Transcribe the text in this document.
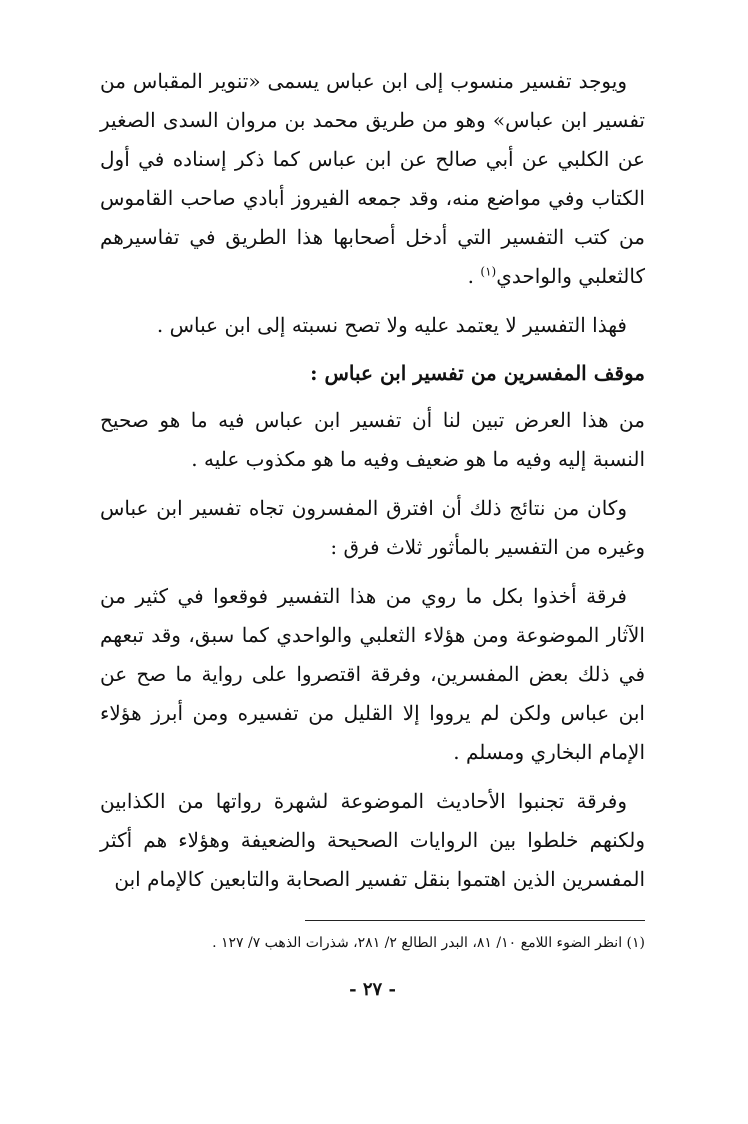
ويوجد تفسير منسوب إلى ابن عباس يسمى «تنوير المقباس من تفسير ابن عباس» وهو من طريق محمد بن مروان السدى الصغير عن الكلبي عن أبي صالح عن ابن عباس كما ذكر إسناده في أول الكتاب وفي مواضع منه، وقد جمعه الفيروز أبادي صاحب القاموس من كتب التفسير التي أدخل أصحابها هذا الطريق في تفاسيرهم كالثعلبي والواحدي$^{(١)}$ .

فهذا التفسير لا يعتمد عليه ولا تصح نسبته إلى ابن عباس .

موقف المفسرين من تفسير ابن عباس :

من هذا العرض تبين لنا أن تفسير ابن عباس فيه ما هو صحيح النسبة إليه وفيه ما هو ضعيف وفيه ما هو مكذوب عليه .

وكان من نتائج ذلك أن افترق المفسرون تجاه تفسير ابن عباس وغيره من التفسير بالمأثور ثلاث فرق :

فرقة أخذوا بكل ما روي من هذا التفسير فوقعوا في كثير من الآثار الموضوعة ومن هؤلاء الثعلبي والواحدي كما سبق، وقد تبعهم في ذلك بعض المفسرين، وفرقة اقتصروا على رواية ما صح عن ابن عباس ولكن لم يرووا إلا القليل من تفسيره ومن أبرز هؤلاء الإمام البخاري ومسلم .

وفرقة تجنبوا الأحاديث الموضوعة لشهرة رواتها من الكذابين ولكنهم خلطوا بين الروايات الصحيحة والضعيفة وهؤلاء هم أكثر المفسرين الذين اهتموا بنقل تفسير الصحابة والتابعين كالإمام ابن

(١) انظر الضوء اللامع ١٠/ ٨١، البدر الطالع ٢/ ٢٨١، شذرات الذهب ٧/ ١٢٧ .

- ٢٧ -
